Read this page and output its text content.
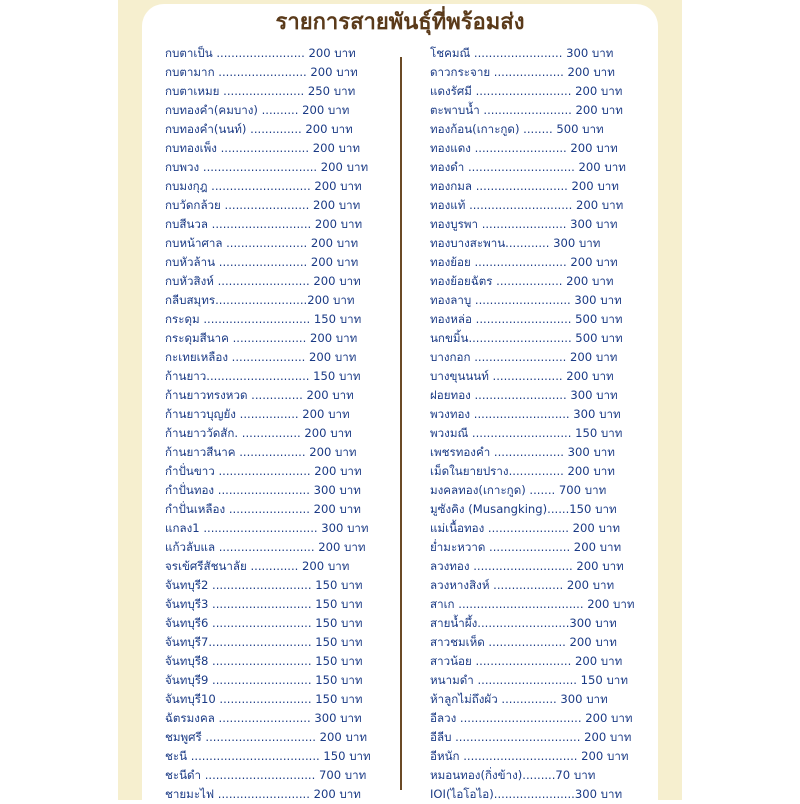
รายการสายพันธุ์ที่พร้อมส่ง
กบตาเป็น ........................ 200 บาท
กบตามาก ........................ 200 บาท
กบตาเหมย ...................... 250 บาท
กบทองคำ(คมบาง) .......... 200 บาท
กบทองคำ(นนท์) .............. 200 บาท
กบทองเพ็ง ........................ 200 บาท
กบพวง ............................... 200 บาท
กบมงกุฎ ........................... 200 บาท
กบวัดกล้วย ....................... 200 บาท
กบสีนวล ........................... 200 บาท
กบหน้าศาล ...................... 200 บาท
กบหัวล้าน ........................ 200 บาท
กบหัวสิงห์ ......................... 200 บาท
กลีบสมุทร.........................200 บาท
กระดุม ............................. 150 บาท
กระดุมสีนาค .................... 200 บาท
กะเทยเหลือง .................... 200 บาท
ก้านยาว............................ 150 บาท
ก้านยาวทรงหวด .............. 200 บาท
ก้านยาวบุญยัง ................ 200 บาท
ก้านยาววัดสัก. ................ 200 บาท
ก้านยาวสีนาค .................. 200 บาท
กำปั่นขาว ......................... 200 บาท
กำปั่นทอง ......................... 300 บาท
กำปั่นเหลือง ...................... 200 บาท
แกลง1 ............................... 300 บาท
แก้วลับแล .......................... 200 บาท
จรเข้ศรีสัชนาลัย ............. 200 บาท
จันทบุรี2 ........................... 150 บาท
จันทบุรี3 ........................... 150 บาท
จันทบุรี6 ........................... 150 บาท
จันทบุรี7............................ 150 บาท
จันทบุรี8 ........................... 150 บาท
จันทบุรี9 ........................... 150 บาท
จันทบุรี10 ......................... 150 บาท
ฉัตรมงคล ......................... 300 บาท
ชมพูศรี .............................. 200 บาท
ชะนี ................................... 150 บาท
ชะนีดำ .............................. 700 บาท
ชายมะไฟ ......................... 200 บาท
โชคมณี ........................ 300 บาท
ดาวกระจาย ................... 200 บาท
แดงรัศมี .......................... 200 บาท
ตะพาบน้ำ ........................ 200 บาท
ทองก้อน(เกาะกูด) ........ 500 บาท
ทองแดง ......................... 200 บาท
ทองดำ ............................. 200 บาท
ทองกมล ......................... 200 บาท
ทองแท้ ............................ 200 บาท
ทองบูรพา ....................... 300 บาท
ทองบางสะพาน............ 300 บาท
ทองย้อย ......................... 200 บาท
ทองย้อยฉัตร .................. 200 บาท
ทองลาบู .......................... 300 บาท
ทองหล่อ .......................... 500 บาท
นกขมิ้น............................ 500 บาท
บางกอก ......................... 200 บาท
บางขุนนนท์ ................... 200 บาท
ฝอยทอง ......................... 300 บาท
พวงทอง .......................... 300 บาท
พวงมณี ........................... 150 บาท
เพชรทองคำ ................... 300 บาท
เม็ดในยายปราง............... 200 บาท
มงคลทอง(เกาะกูด) ....... 700 บาท
มูซังคิง (Musangking)......150 บาท
แม่เนื้อทอง ...................... 200 บาท
ย่ำมะหวาด ...................... 200 บาท
ลวงทอง ........................... 200 บาท
ลวงหางสิงห์ ................... 200 บาท
สาเก .................................. 200 บาท
สายน้ำผึ้ง.........................300 บาท
สาวชมเห็ด ..................... 200 บาท
สาวน้อย .......................... 200 บาท
หนามดำ ........................... 150 บาท
ห้าลูกไม่ถึงผัว ............... 300 บาท
อีลวง ................................. 200 บาท
อีลีบ .................................. 200 บาท
อีหนัก ............................... 200 บาท
หมอนทอง(กิ่งข้าง).........70 บาท
IOI(ไอโอไอ)......................300 บาท
